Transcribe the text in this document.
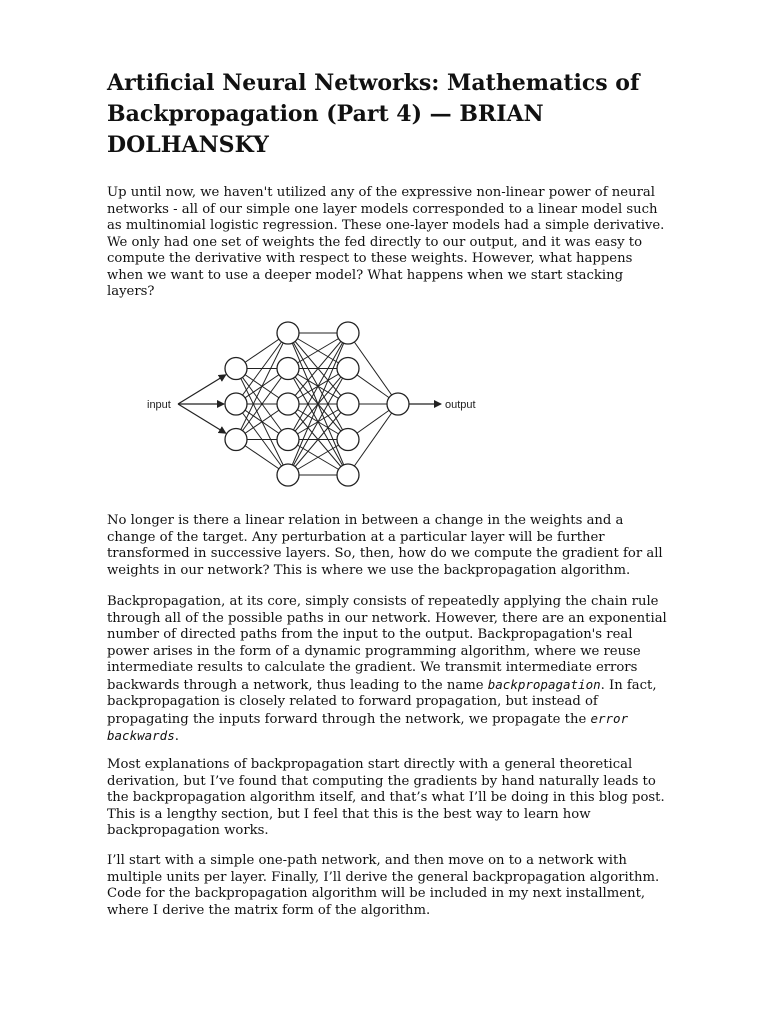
Artificial Neural Networks: Mathematics of Backpropagation (Part 4) — BRIAN DOLHANSKY

Up until now, we haven't utilized any of the expressive non-linear power of neural networks - all of our simple one layer models corresponded to a linear model such as multinomial logistic regression. These one-layer models had a simple derivative. We only had one set of weights the fed directly to our output, and it was easy to compute the derivative with respect to these weights. However, what happens when we want to use a deeper model? What happens when we start stacking layers?

input	output

No longer is there a linear relation in between a change in the weights and a change of the target. Any perturbation at a particular layer will be further transformed in successive layers. So, then, how do we compute the gradient for all weights in our network? This is where we use the backpropagation algorithm.

Backpropagation, at its core, simply consists of repeatedly applying the chain rule through all of the possible paths in our network. However, there are an exponential number of directed paths from the input to the output. Backpropagation's real power arises in the form of a dynamic programming algorithm, where we reuse intermediate results to calculate the gradient. We transmit intermediate errors backwards through a network, thus leading to the name backpropagation. In fact, backpropagation is closely related to forward propagation, but instead of propagating the inputs forward through the network, we propagate the error backwards.

Most explanations of backpropagation start directly with a general theoretical derivation, but I’ve found that computing the gradients by hand naturally leads to the backpropagation algorithm itself, and that’s what I’ll be doing in this blog post. This is a lengthy section, but I feel that this is the best way to learn how backpropagation works.

I’ll start with a simple one-path network, and then move on to a network with multiple units per layer. Finally, I’ll derive the general backpropagation algorithm. Code for the backpropagation algorithm will be included in my next installment, where I derive the matrix form of the algorithm.
